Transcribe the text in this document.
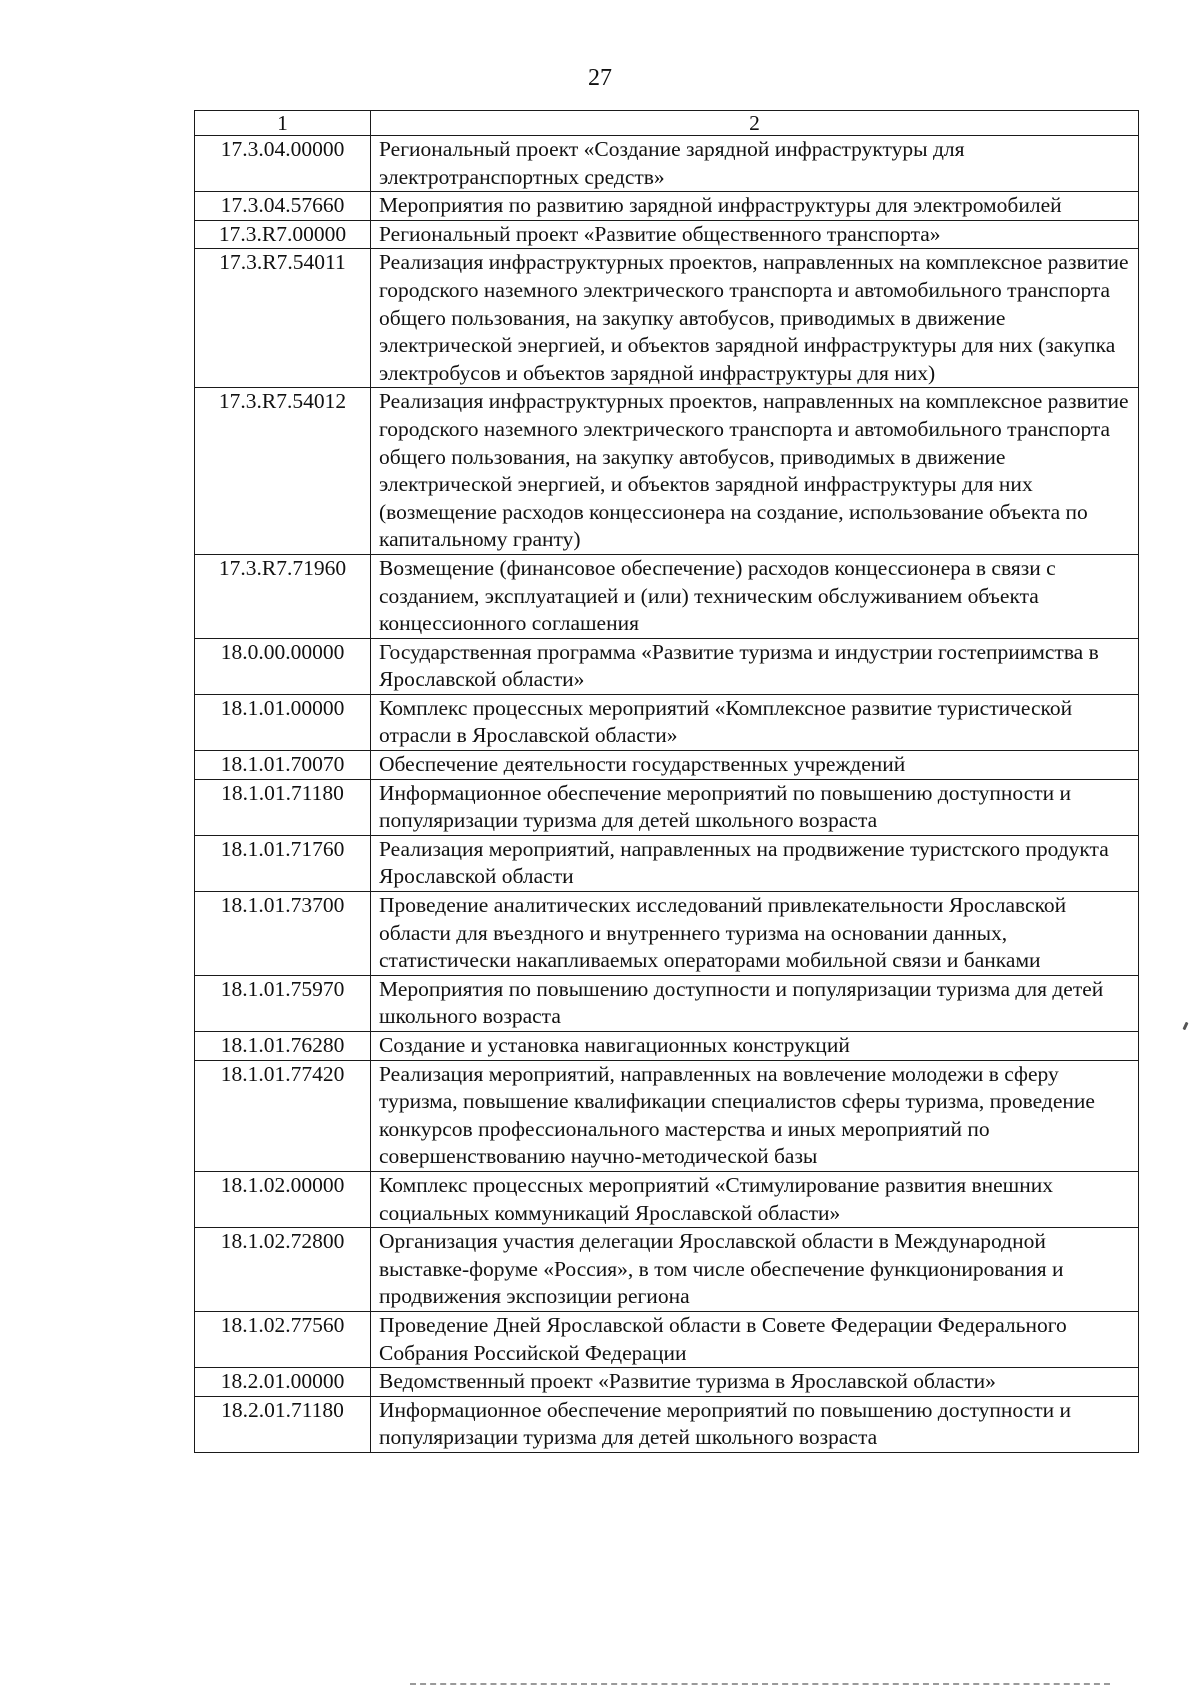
27
1	2
17.3.04.00000	Региональный проект «Создание зарядной инфраструктуры для электротранспортных средств»
17.3.04.57660	Мероприятия по развитию зарядной инфраструктуры для электромобилей
17.3.R7.00000	Региональный проект «Развитие общественного транспорта»
17.3.R7.54011	Реализация инфраструктурных проектов, направленных на комплексное развитие городского наземного электрического транспорта и автомобильного транспорта общего пользования, на закупку автобусов, приводимых в движение электрической энергией, и объектов зарядной инфраструктуры для них (закупка электробусов и объектов зарядной инфраструктуры для них)
17.3.R7.54012	Реализация инфраструктурных проектов, направленных на комплексное развитие городского наземного электрического транспорта и автомобильного транспорта общего пользования, на закупку автобусов, приводимых в движение электрической энергией, и объектов зарядной инфраструктуры для них (возмещение расходов концессионера на создание, использование объекта по капитальному гранту)
17.3.R7.71960	Возмещение (финансовое обеспечение) расходов концессионера в связи с созданием, эксплуатацией и (или) техническим обслуживанием объекта концессионного соглашения
18.0.00.00000	Государственная программа «Развитие туризма и индустрии гостеприимства в Ярославской области»
18.1.01.00000	Комплекс процессных мероприятий «Комплексное развитие туристической отрасли в Ярославской области»
18.1.01.70070	Обеспечение деятельности государственных учреждений
18.1.01.71180	Информационное обеспечение мероприятий по повышению доступности и популяризации туризма для детей школьного возраста
18.1.01.71760	Реализация мероприятий, направленных на продвижение туристского продукта Ярославской области
18.1.01.73700	Проведение аналитических исследований привлекательности Ярославской области для въездного и внутреннего туризма на основании данных, статистически накапливаемых операторами мобильной связи и банками
18.1.01.75970	Мероприятия по повышению доступности и популяризации туризма для детей школьного возраста
18.1.01.76280	Создание и установка навигационных конструкций
18.1.01.77420	Реализация мероприятий, направленных на вовлечение молодежи в сферу туризма, повышение квалификации специалистов сферы туризма, проведение конкурсов профессионального мастерства и иных мероприятий по совершенствованию научно-методической базы
18.1.02.00000	Комплекс процессных мероприятий «Стимулирование развития внешних социальных коммуникаций Ярославской области»
18.1.02.72800	Организация участия делегации Ярославской области в Международной выставке-форуме «Россия», в том числе обеспечение функционирования и продвижения экспозиции региона
18.1.02.77560	Проведение Дней Ярославской области в Совете Федерации Федерального Собрания Российской Федерации
18.2.01.00000	Ведомственный проект «Развитие туризма в Ярославской области»
18.2.01.71180	Информационное обеспечение мероприятий по повышению доступности и популяризации туризма для детей школьного возраста
